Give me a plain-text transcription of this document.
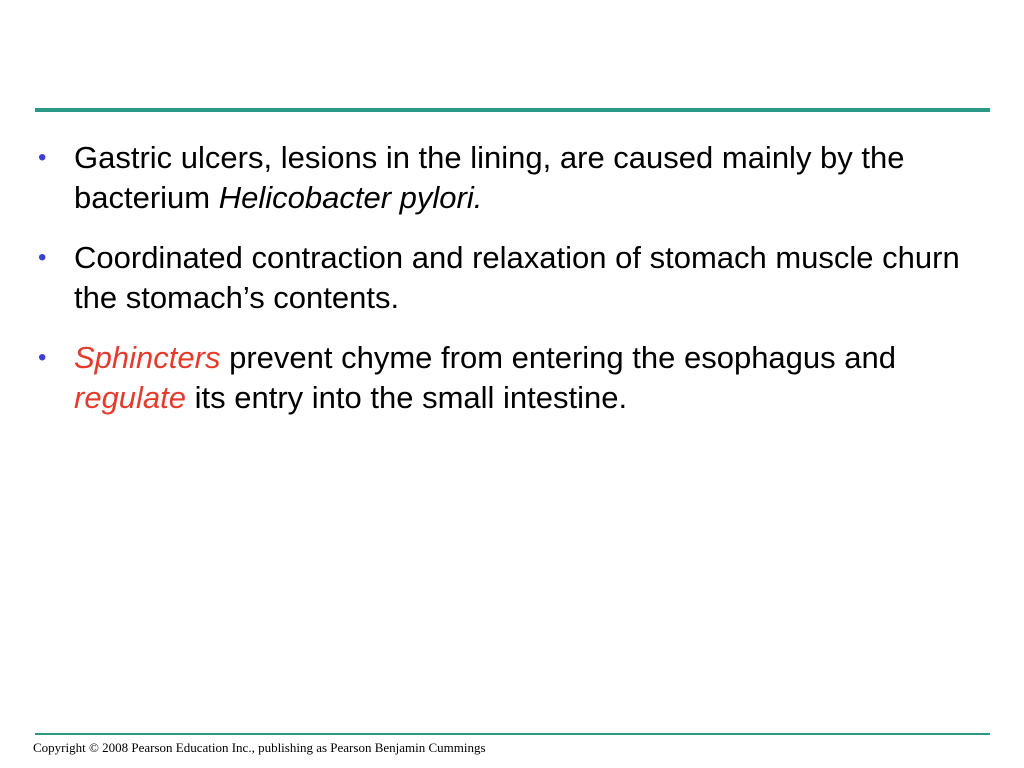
• Gastric ulcers, lesions in the lining, are caused mainly by the bacterium Helicobacter pylori.
• Coordinated contraction and relaxation of stomach muscle churn the stomach’s contents.
• Sphincters prevent chyme from entering the esophagus and regulate its entry into the small intestine.
Copyright © 2008 Pearson Education Inc., publishing as Pearson Benjamin Cummings
